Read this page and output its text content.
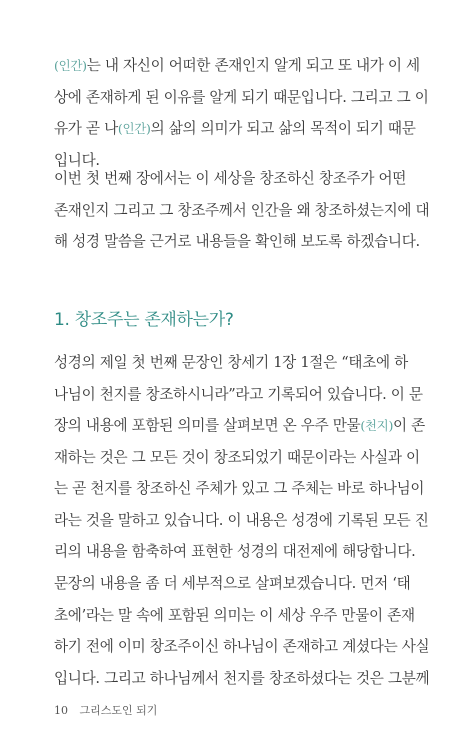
(인간)는 내 자신이 어떠한 존재인지 알게 되고 또 내가 이 세
상에 존재하게 된 이유를 알게 되기 때문입니다. 그리고 그 이
유가 곧 나(인간)의 삶의 의미가 되고 삶의 목적이 되기 때문
입니다.
이번 첫 번째 장에서는 이 세상을 창조하신 창조주가 어떤
존재인지 그리고 그 창조주께서 인간을 왜 창조하셨는지에 대
해 성경 말씀을 근거로 내용들을 확인해 보도록 하겠습니다.
1. 창조주는 존재하는가?
성경의 제일 첫 번째 문장인 창세기 1장 1절은 “태초에 하
나님이 천지를 창조하시니라”라고 기록되어 있습니다. 이 문
장의 내용에 포함된 의미를 살펴보면 온 우주 만물(천지)이 존
재하는 것은 그 모든 것이 창조되었기 때문이라는 사실과 이
는 곧 천지를 창조하신 주체가 있고 그 주체는 바로 하나님이
라는 것을 말하고 있습니다. 이 내용은 성경에 기록된 모든 진
리의 내용을 함축하여 표현한 성경의 대전제에 해당합니다.
문장의 내용을 좀 더 세부적으로 살펴보겠습니다. 먼저 ‘태
초에’라는 말 속에 포함된 의미는 이 세상 우주 만물이 존재
하기 전에 이미 창조주이신 하나님이 존재하고 계셨다는 사실
입니다. 그리고 하나님께서 천지를 창조하셨다는 것은 그분께
10 그리스도인 되기
